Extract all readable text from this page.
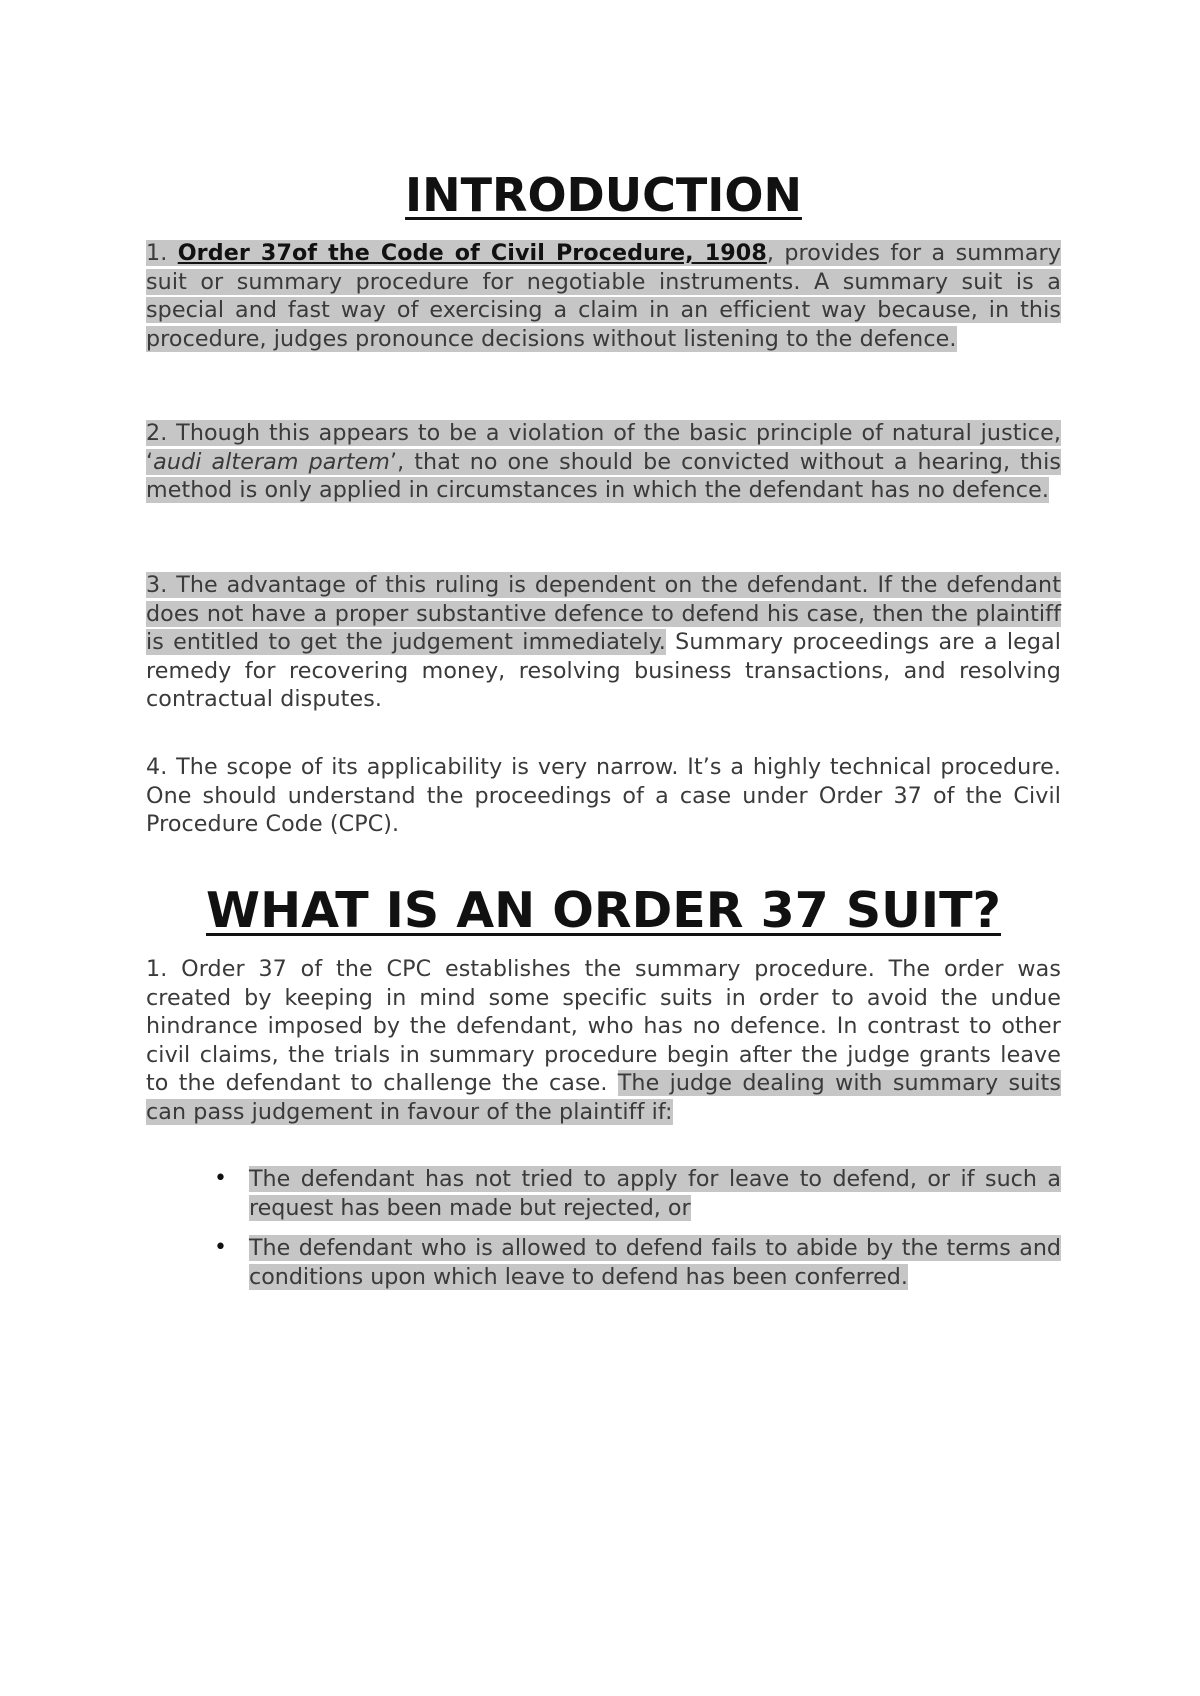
INTRODUCTION

1. Order 37of the Code of Civil Procedure, 1908, provides for a summary suit or summary procedure for negotiable instruments. A summary suit is a special and fast way of exercising a claim in an efficient way because, in this procedure, judges pronounce decisions without listening to the defence.

2. Though this appears to be a violation of the basic principle of natural justice, ‘audi alteram partem’, that no one should be convicted without a hearing, this method is only applied in circumstances in which the defendant has no defence.

3. The advantage of this ruling is dependent on the defendant. If the defendant does not have a proper substantive defence to defend his case, then the plaintiff is entitled to get the judgement immediately. Summary proceedings are a legal remedy for recovering money, resolving business transactions, and resolving contractual disputes.

4. The scope of its applicability is very narrow. It’s a highly technical procedure. One should understand the proceedings of a case under Order 37 of the Civil Procedure Code (CPC).

WHAT IS AN ORDER 37 SUIT?

1. Order 37 of the CPC establishes the summary procedure. The order was created by keeping in mind some specific suits in order to avoid the undue hindrance imposed by the defendant, who has no defence. In contrast to other civil claims, the trials in summary procedure begin after the judge grants leave to the defendant to challenge the case. The judge dealing with summary suits can pass judgement in favour of the plaintiff if:

• The defendant has not tried to apply for leave to defend, or if such a request has been made but rejected, or
• The defendant who is allowed to defend fails to abide by the terms and conditions upon which leave to defend has been conferred.
